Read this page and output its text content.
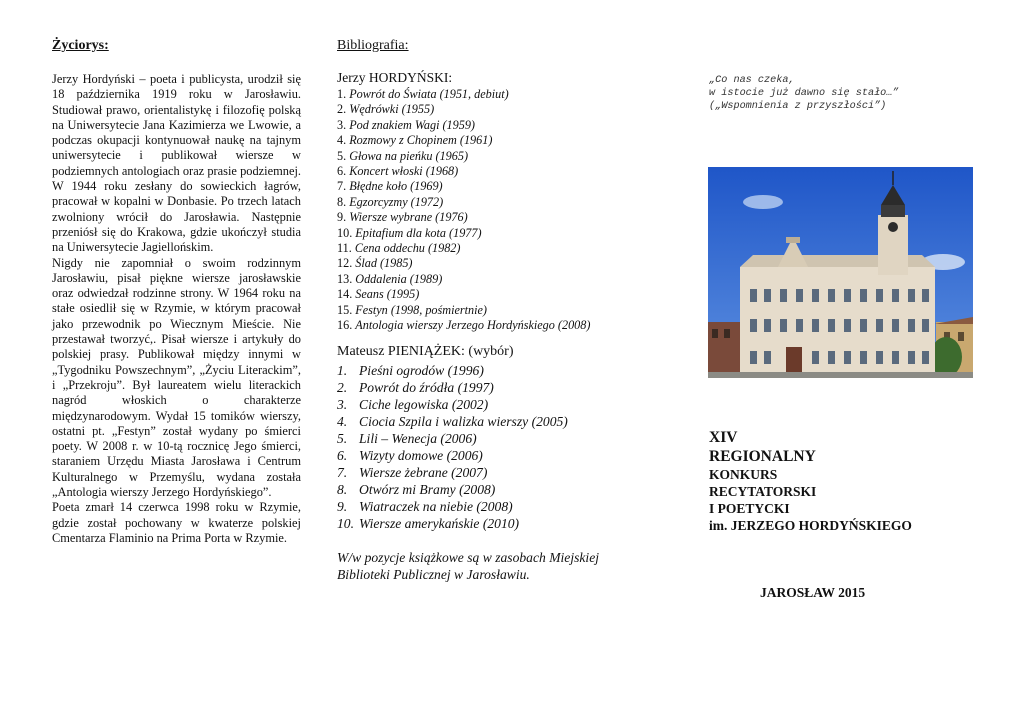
Życiorys:

Jerzy Hordyński – poeta i publicysta, urodził się 18 października 1919 roku w Jarosławiu. Studiował prawo, orientalistykę i filozofię polską na Uniwersytecie Jana Kazimierza we Lwowie, a podczas okupacji kontynuował naukę na tajnym uniwersytecie i publikował wiersze w podziemnych antologiach oraz prasie podziemnej. W 1944 roku zesłany do sowieckich łagrów, pracował w kopalni w Donbasie. Po trzech latach zwolniony wrócił do Jarosławia. Następnie przeniósł się do Krakowa, gdzie ukończył studia na Uniwersytecie Jagiellońskim.

Nigdy nie zapomniał o swoim rodzinnym Jarosławiu, pisał piękne wiersze jarosławskie oraz odwiedzał rodzinne strony. W 1964 roku na stałe osiedlił się w Rzymie, w którym pracował jako przewodnik po Wiecznym Mieście. Nie przestawał tworzyć,. Pisał wiersze i artykuły do polskiej prasy. Publikował między innymi w „Tygodniku Powszechnym”, „Życiu Literackim”, i „Przekroju”. Był laureatem wielu literackich nagród włoskich o charakterze międzynarodowym. Wydał 15 tomików wierszy, ostatni pt. „Festyn” został wydany po śmierci poety. W 2008 r. w 10-tą rocznicę Jego śmierci, staraniem Urzędu Miasta Jarosława i Centrum Kulturalnego w Przemyślu, wydana została „Antologia wierszy Jerzego Hordyńskiego”.

Poeta zmarł 14 czerwca 1998 roku w Rzymie, gdzie został pochowany w kwaterze polskiej Cmentarza Flaminio na Prima Porta w Rzymie.

Bibliografia:
Jerzy HORDYŃSKI:
1. Powrót do Świata (1951, debiut)
2. Wędrówki (1955)
3. Pod znakiem Wagi (1959)
4. Rozmowy z Chopinem (1961)
5. Głowa na pieńku (1965)
6. Koncert włoski (1968)
7. Błędne koło (1969)
8. Egzorcyzmy (1972)
9. Wiersze wybrane (1976)
10. Epitafium dla kota (1977)
11. Cena oddechu (1982)
12. Ślad (1985)
13. Oddalenia (1989)
14. Seans (1995)
15. Festyn (1998, pośmiertnie)
16. Antologia wierszy Jerzego Hordyńskiego (2008)
Mateusz PIENIĄŻEK: (wybór)
1. Pieśni ogrodów (1996)
2. Powrót do źródła (1997)
3. Ciche legowiska (2002)
4. Ciocia Szpila i walizka wierszy (2005)
5. Lili – Wenecja (2006)
6. Wizyty domowe (2006)
7. Wiersze żebrane (2007)
8. Otwórz mi Bramy (2008)
9. Wiatraczek na niebie (2008)
10. Wiersze amerykańskie (2010)
W/w pozycje książkowe są w zasobach Miejskiej Biblioteki Publicznej w Jarosławiu.
„Co nas czeka,
w istocie już dawno się stało…”
(„Wspomnienia z przyszłości”)
XIV
REGIONALNY
KONKURS
RECYTATORSKI
I POETYCKI
im. JERZEGO HORDYŃSKIEGO
JAROSŁAW 2015
